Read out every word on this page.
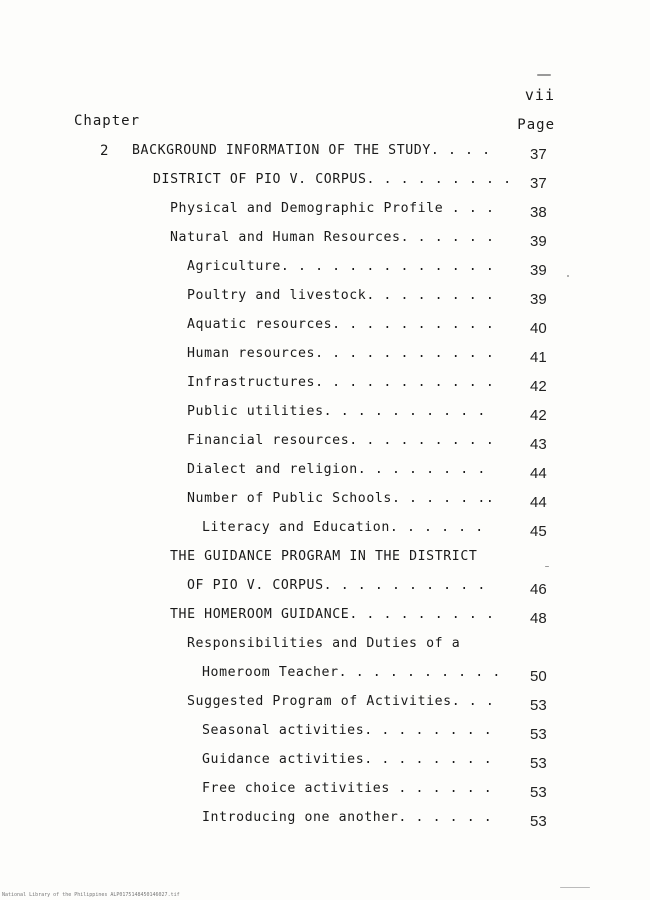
vii
Chapter	Page
2 BACKGROUND INFORMATION OF THE STUDY. . . .	37
DISTRICT OF PIO V. CORPUS. . . . . . . . . 37
Physical and Demographic Profile . . . 38
Natural and Human Resources. . . . . . 39
Agriculture. . . . . . . . . . . . . 39
Poultry and livestock. . . . . . . . 39
Aquatic resources. . . . . . . . . . 40
Human resources. . . . . . . . . . . 41
Infrastructures. . . . . . . . . . . 42
Public utilities. . . . . . . . . .	42
Financial resources. . . . . . . . . 43
Dialect and religion. . . . . . . .	44
Number of Public Schools. . . . . .. 44
Literacy and Education. . . . . .	45
THE GUIDANCE PROGRAM IN THE DISTRICT
OF PIO V. CORPUS. . . . . . . . . .	46
THE HOMEROOM GUIDANCE. . . . . . . . . 48
Responsibilities and Duties of a
Homeroom Teacher. . . . . . . . . . 50
Suggested Program of Activities. . . 53
Seasonal activities. . . . . . . .	53
Guidance activities. . . . . . . .	53
Free choice activities . . . . . .	53
Introducing one another. . . . . .	53
National Library of the Philippines ALP0175148450146027.tif
